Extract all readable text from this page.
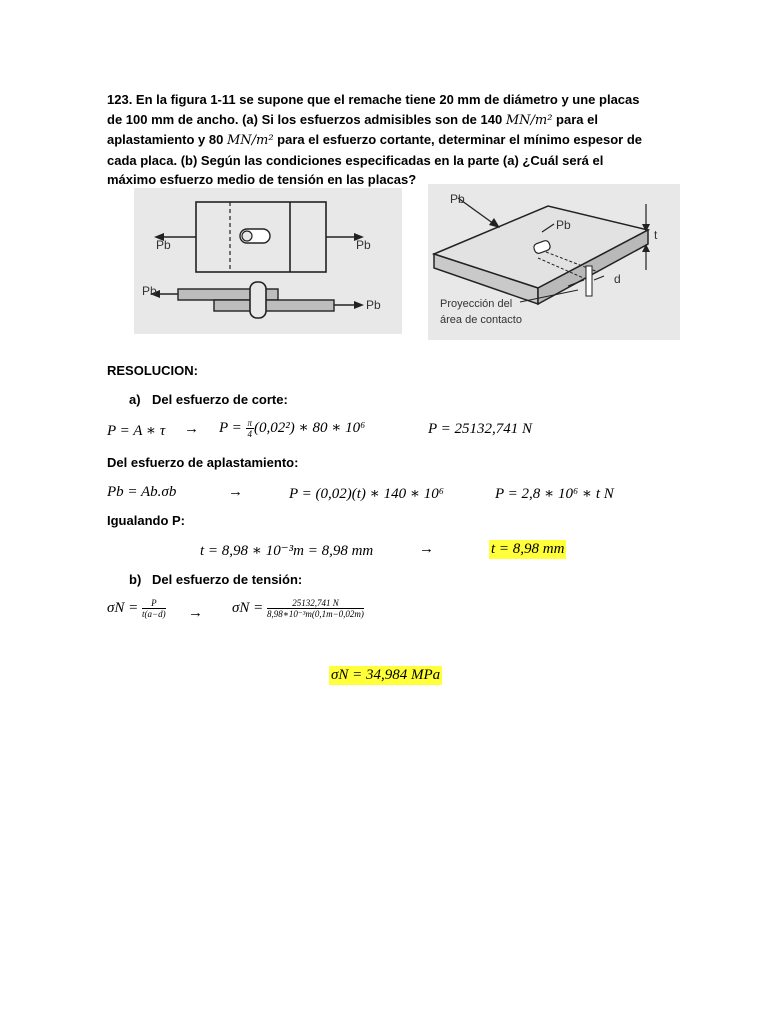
123. En la figura 1-11 se supone que el remache tiene 20 mm de diámetro y une placas de 100 mm de ancho. (a) Si los esfuerzos admisibles son de 140 MN/m² para el aplastamiento y 80 MN/m² para el esfuerzo cortante, determinar el mínimo espesor de cada placa. (b) Según las condiciones especificadas en la parte (a) ¿Cuál será el máximo esfuerzo medio de tensión en las placas?
Pb	Pb
Pb
Pb
Pb
Pb
t
d
Proyección del
área de contacto
RESOLUCION:
a) Del esfuerzo de corte:
P = A ∗ $\tau \to P = \frac{\pi}{4} (0,02^2)$ ∗ 80 ∗ 10⁶	P = 25132,741 N
Del esfuerzo de aplastamiento:
Pb = Ab.σb	→	P = (0,02)(t) ∗ 140 ∗ 10⁶	P = 2,8 ∗ 10⁶ ∗ t N
Igualando P:
t = 8,98 ∗ 10⁻³m = 8,98 mm	→	t = 8,98 mm
b) Del esfuerzo de tensión:
$\sigma N = \frac{P}{t(a-d)} \to \sigma N = \frac{25132,741 N}{\text{8,98∗10⁻³m(0,1m−0,02m)}}$
σN = 34,984 MPa
